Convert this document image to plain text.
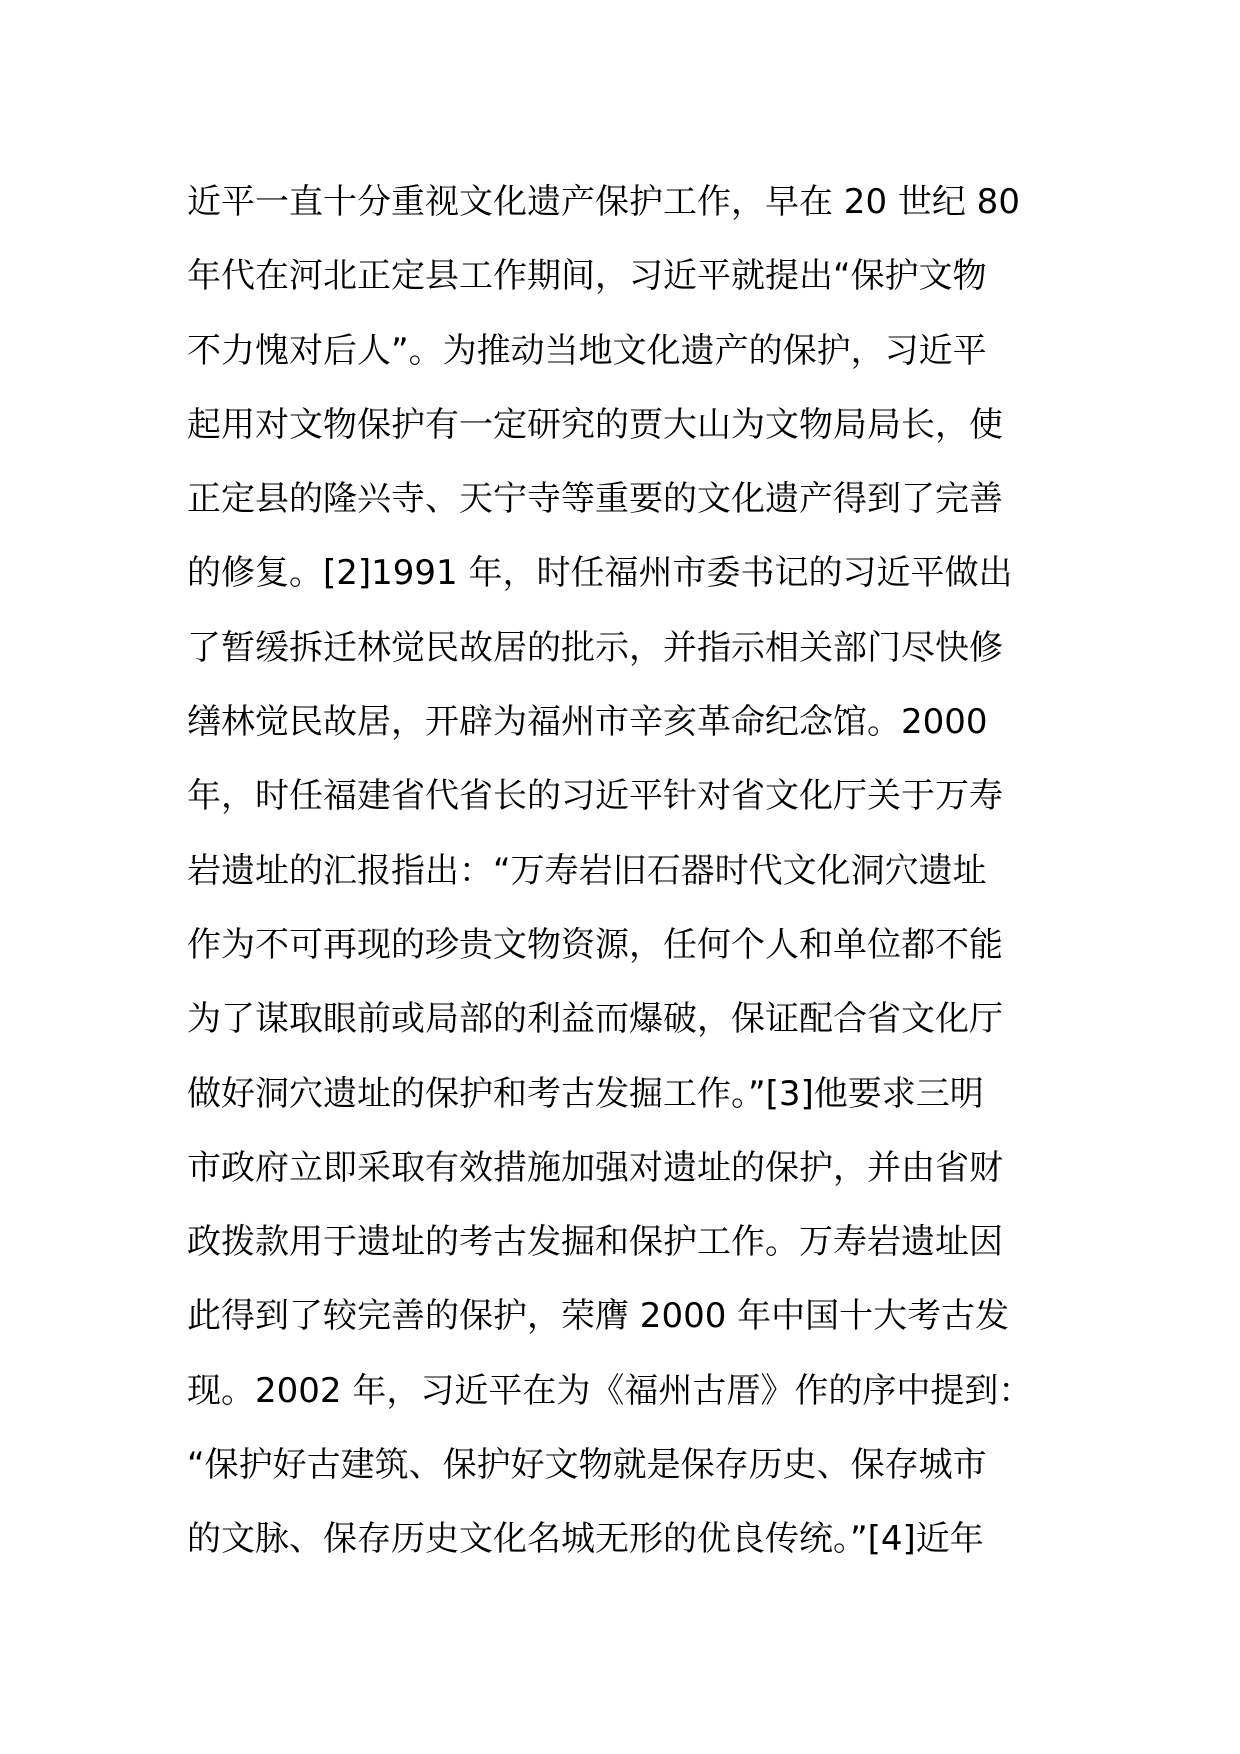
近平一直十分重视文化遗产保护工作，早在 20 世纪 80
年代在河北正定县工作期间，习近平就提出“保护文物
不力愧对后人”。为推动当地文化遗产的保护，习近平
起用对文物保护有一定研究的贾大山为文物局局长，使
正定县的隆兴寺、天宁寺等重要的文化遗产得到了完善
的修复。[2]1991 年，时任福州市委书记的习近平做出
了暂缓拆迁林觉民故居的批示，并指示相关部门尽快修
缮林觉民故居，开辟为福州市辛亥革命纪念馆。2000
年，时任福建省代省长的习近平针对省文化厅关于万寿
岩遗址的汇报指出：“万寿岩旧石器时代文化洞穴遗址
作为不可再现的珍贵文物资源，任何个人和单位都不能
为了谋取眼前或局部的利益而爆破，保证配合省文化厅
做好洞穴遗址的保护和考古发掘工作。”[3]他要求三明
市政府立即采取有效措施加强对遗址的保护，并由省财
政拨款用于遗址的考古发掘和保护工作。万寿岩遗址因
此得到了较完善的保护，荣膺 2000 年中国十大考古发
现。2002 年，习近平在为《福州古厝》作的序中提到：
“保护好古建筑、保护好文物就是保存历史、保存城市
的文脉、保存历史文化名城无形的优良传统。”[4]近年
